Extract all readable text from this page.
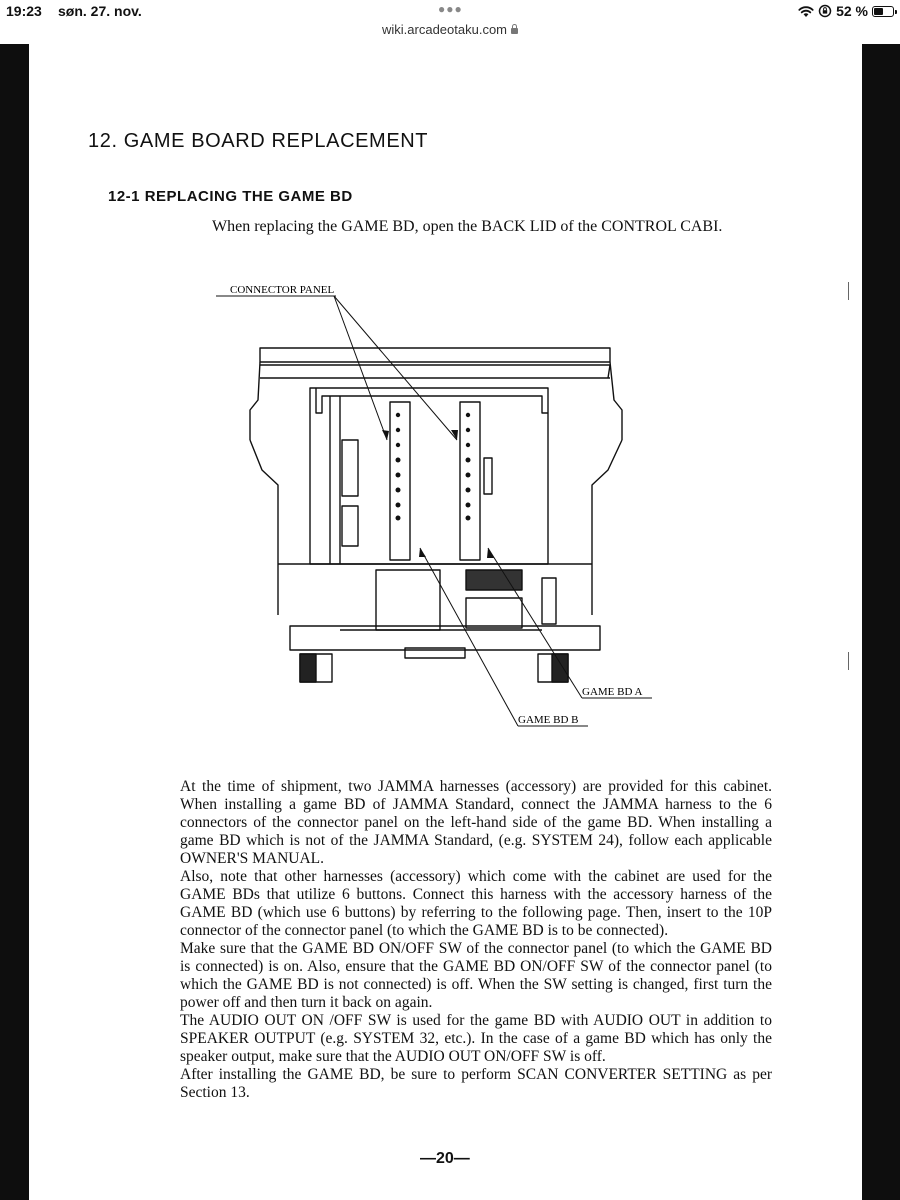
19:23 søn. 27. nov.	●●●
wiki.arcadeotaku.com
52 %
12. GAME BOARD REPLACEMENT
12-1 REPLACING THE GAME BD
When replacing the GAME BD, open the BACK LID of the CONTROL CABI.
CONNECTOR PANEL
GAME BD A
GAME BD B

At the time of shipment, two JAMMA harnesses (accessory) are provided for this cabinet. When installing a game BD of JAMMA Standard, connect the JAMMA harness to the 6 connectors of the connector panel on the left-hand side of the game BD. When installing a game BD which is not of the JAMMA Standard, (e.g. SYSTEM 24), follow each applicable OWNER'S MANUAL.

Also, note that other harnesses (accessory) which come with the cabinet are used for the GAME BDs that utilize 6 buttons. Connect this harness with the accessory harness of the GAME BD (which use 6 buttons) by referring to the following page. Then, insert to the 10P connector of the connector panel (to which the GAME BD is to be connected).

Make sure that the GAME BD ON/OFF SW of the connector panel (to which the GAME BD is connected) is on. Also, ensure that the GAME BD ON/OFF SW of the connector panel (to which the GAME BD is not connected) is off. When the SW setting is changed, first turn the power off and then turn it back on again.

The AUDIO OUT ON /OFF SW is used for the game BD with AUDIO OUT in addition to SPEAKER OUTPUT (e.g. SYSTEM 32, etc.). In the case of a game BD which has only the speaker output, make sure that the AUDIO OUT ON/OFF SW is off.

After installing the GAME BD, be sure to perform SCAN CONVERTER SETTING as per Section 13.

—20—
